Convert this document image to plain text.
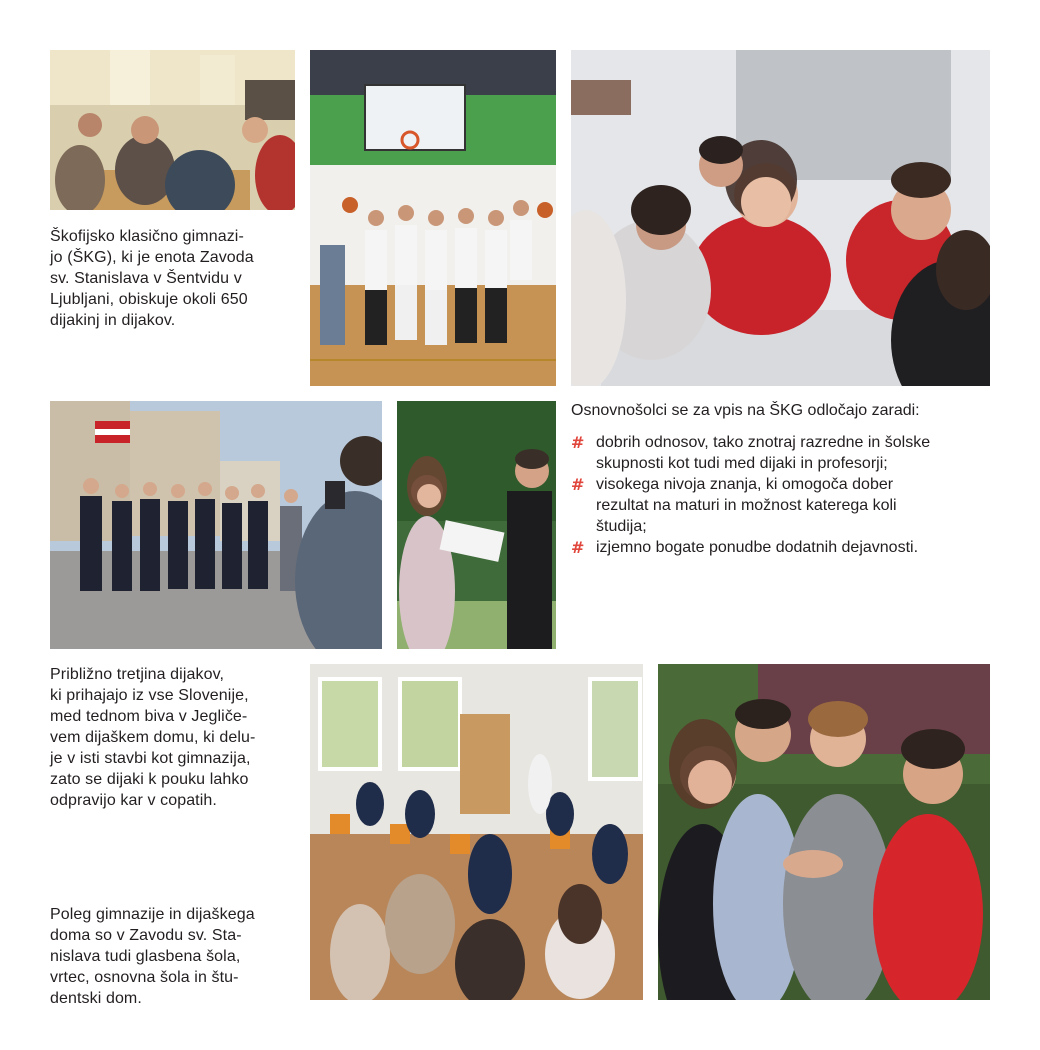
Škofijsko klasično gimnazi-
jo (ŠKG), ki je enota Zavoda
sv. Stanislava v Šentvidu v
Ljubljani, obiskuje okoli 650
dijakinj in dijakov.
Osnovnošolci se za vpis na ŠKG odločajo zaradi:
# dobrih odnosov, tako znotraj razredne in šolske
skupnosti kot tudi med dijaki in profesorji;
# visokega nivoja znanja, ki omogoča dober
rezultat na maturi in možnost katerega koli
študija;
# izjemno bogate ponudbe dodatnih dejavnosti.
Približno tretjina dijakov,
ki prihajajo iz vse Slovenije,
med tednom biva v Jegliče-
vem dijaškem domu, ki delu-
je v isti stavbi kot gimnazija,
zato se dijaki k pouku lahko
odpravijo kar v copatih.
Poleg gimnazije in dijaškega
doma so v Zavodu sv. Sta-
nislava tudi glasbena šola,
vrtec, osnovna šola in štu-
dentski dom.
